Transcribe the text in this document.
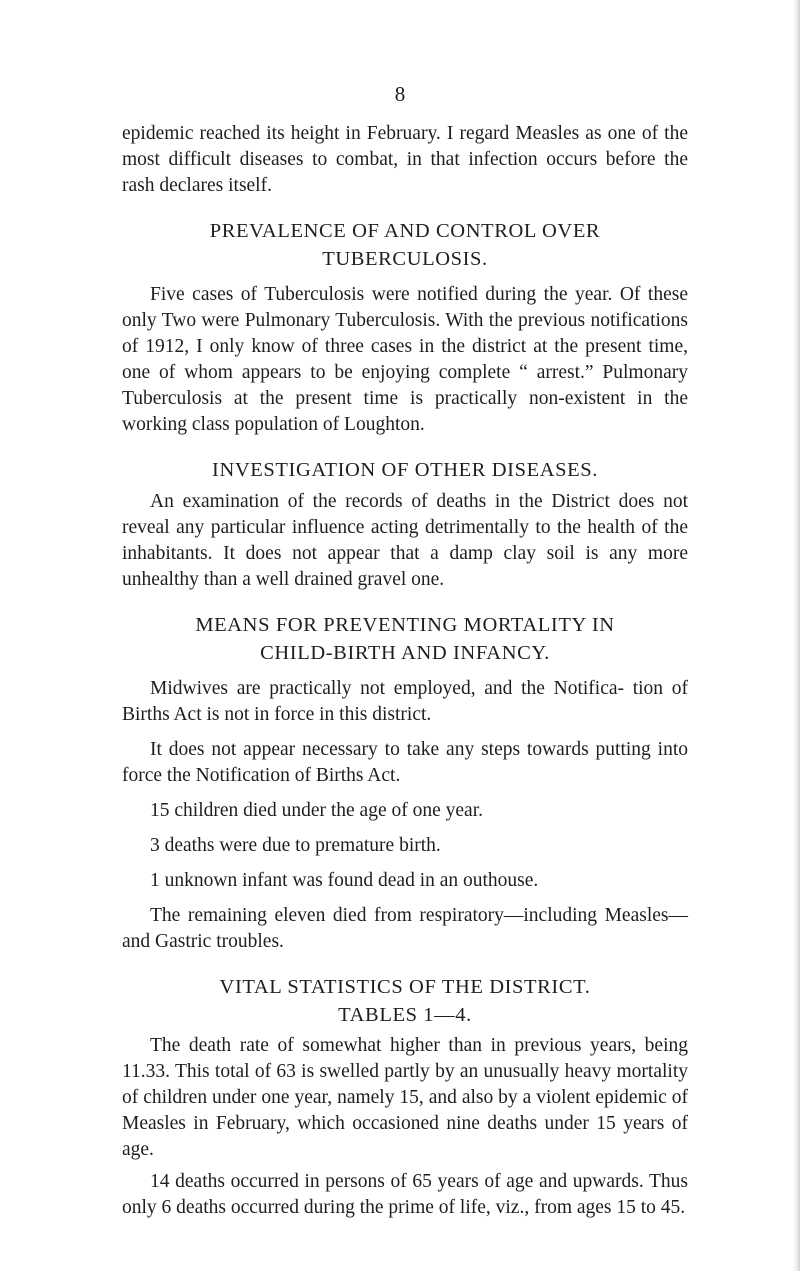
8

epidemic reached its height in February. I regard Measles as one of the most difficult diseases to combat, in that infection occurs before the rash declares itself.

PREVALENCE OF AND CONTROL OVER
TUBERCULOSIS.

Five cases of Tuberculosis were notified during the year. Of these only Two were Pulmonary Tuberculosis. With the previous notifications of 1912, I only know of three cases in the district at the present time, one of whom appears to be enjoying complete “ arrest.” Pulmonary Tuberculosis at the present time is practically non-existent in the working class population of Loughton.

INVESTIGATION OF OTHER DISEASES.

An examination of the records of deaths in the District does not reveal any particular influence acting detrimentally to the health of the inhabitants. It does not appear that a damp clay soil is any more unhealthy than a well drained gravel one.

MEANS FOR PREVENTING MORTALITY IN
CHILD-BIRTH AND INFANCY.

Midwives are practically not employed, and the Notifica- tion of Births Act is not in force in this district.

It does not appear necessary to take any steps towards putting into force the Notification of Births Act.

15 children died under the age of one year.

3 deaths were due to premature birth.

1 unknown infant was found dead in an outhouse.

The remaining eleven died from respiratory—including Measles—and Gastric troubles.

VITAL STATISTICS OF THE DISTRICT.
TABLES 1—4.

The death rate of somewhat higher than in previous years, being 11.33. This total of 63 is swelled partly by an unusually heavy mortality of children under one year, namely 15, and also by a violent epidemic of Measles in February, which occasioned nine deaths under 15 years of age.

14 deaths occurred in persons of 65 years of age and upwards. Thus only 6 deaths occurred during the prime of life, viz., from ages 15 to 45.
